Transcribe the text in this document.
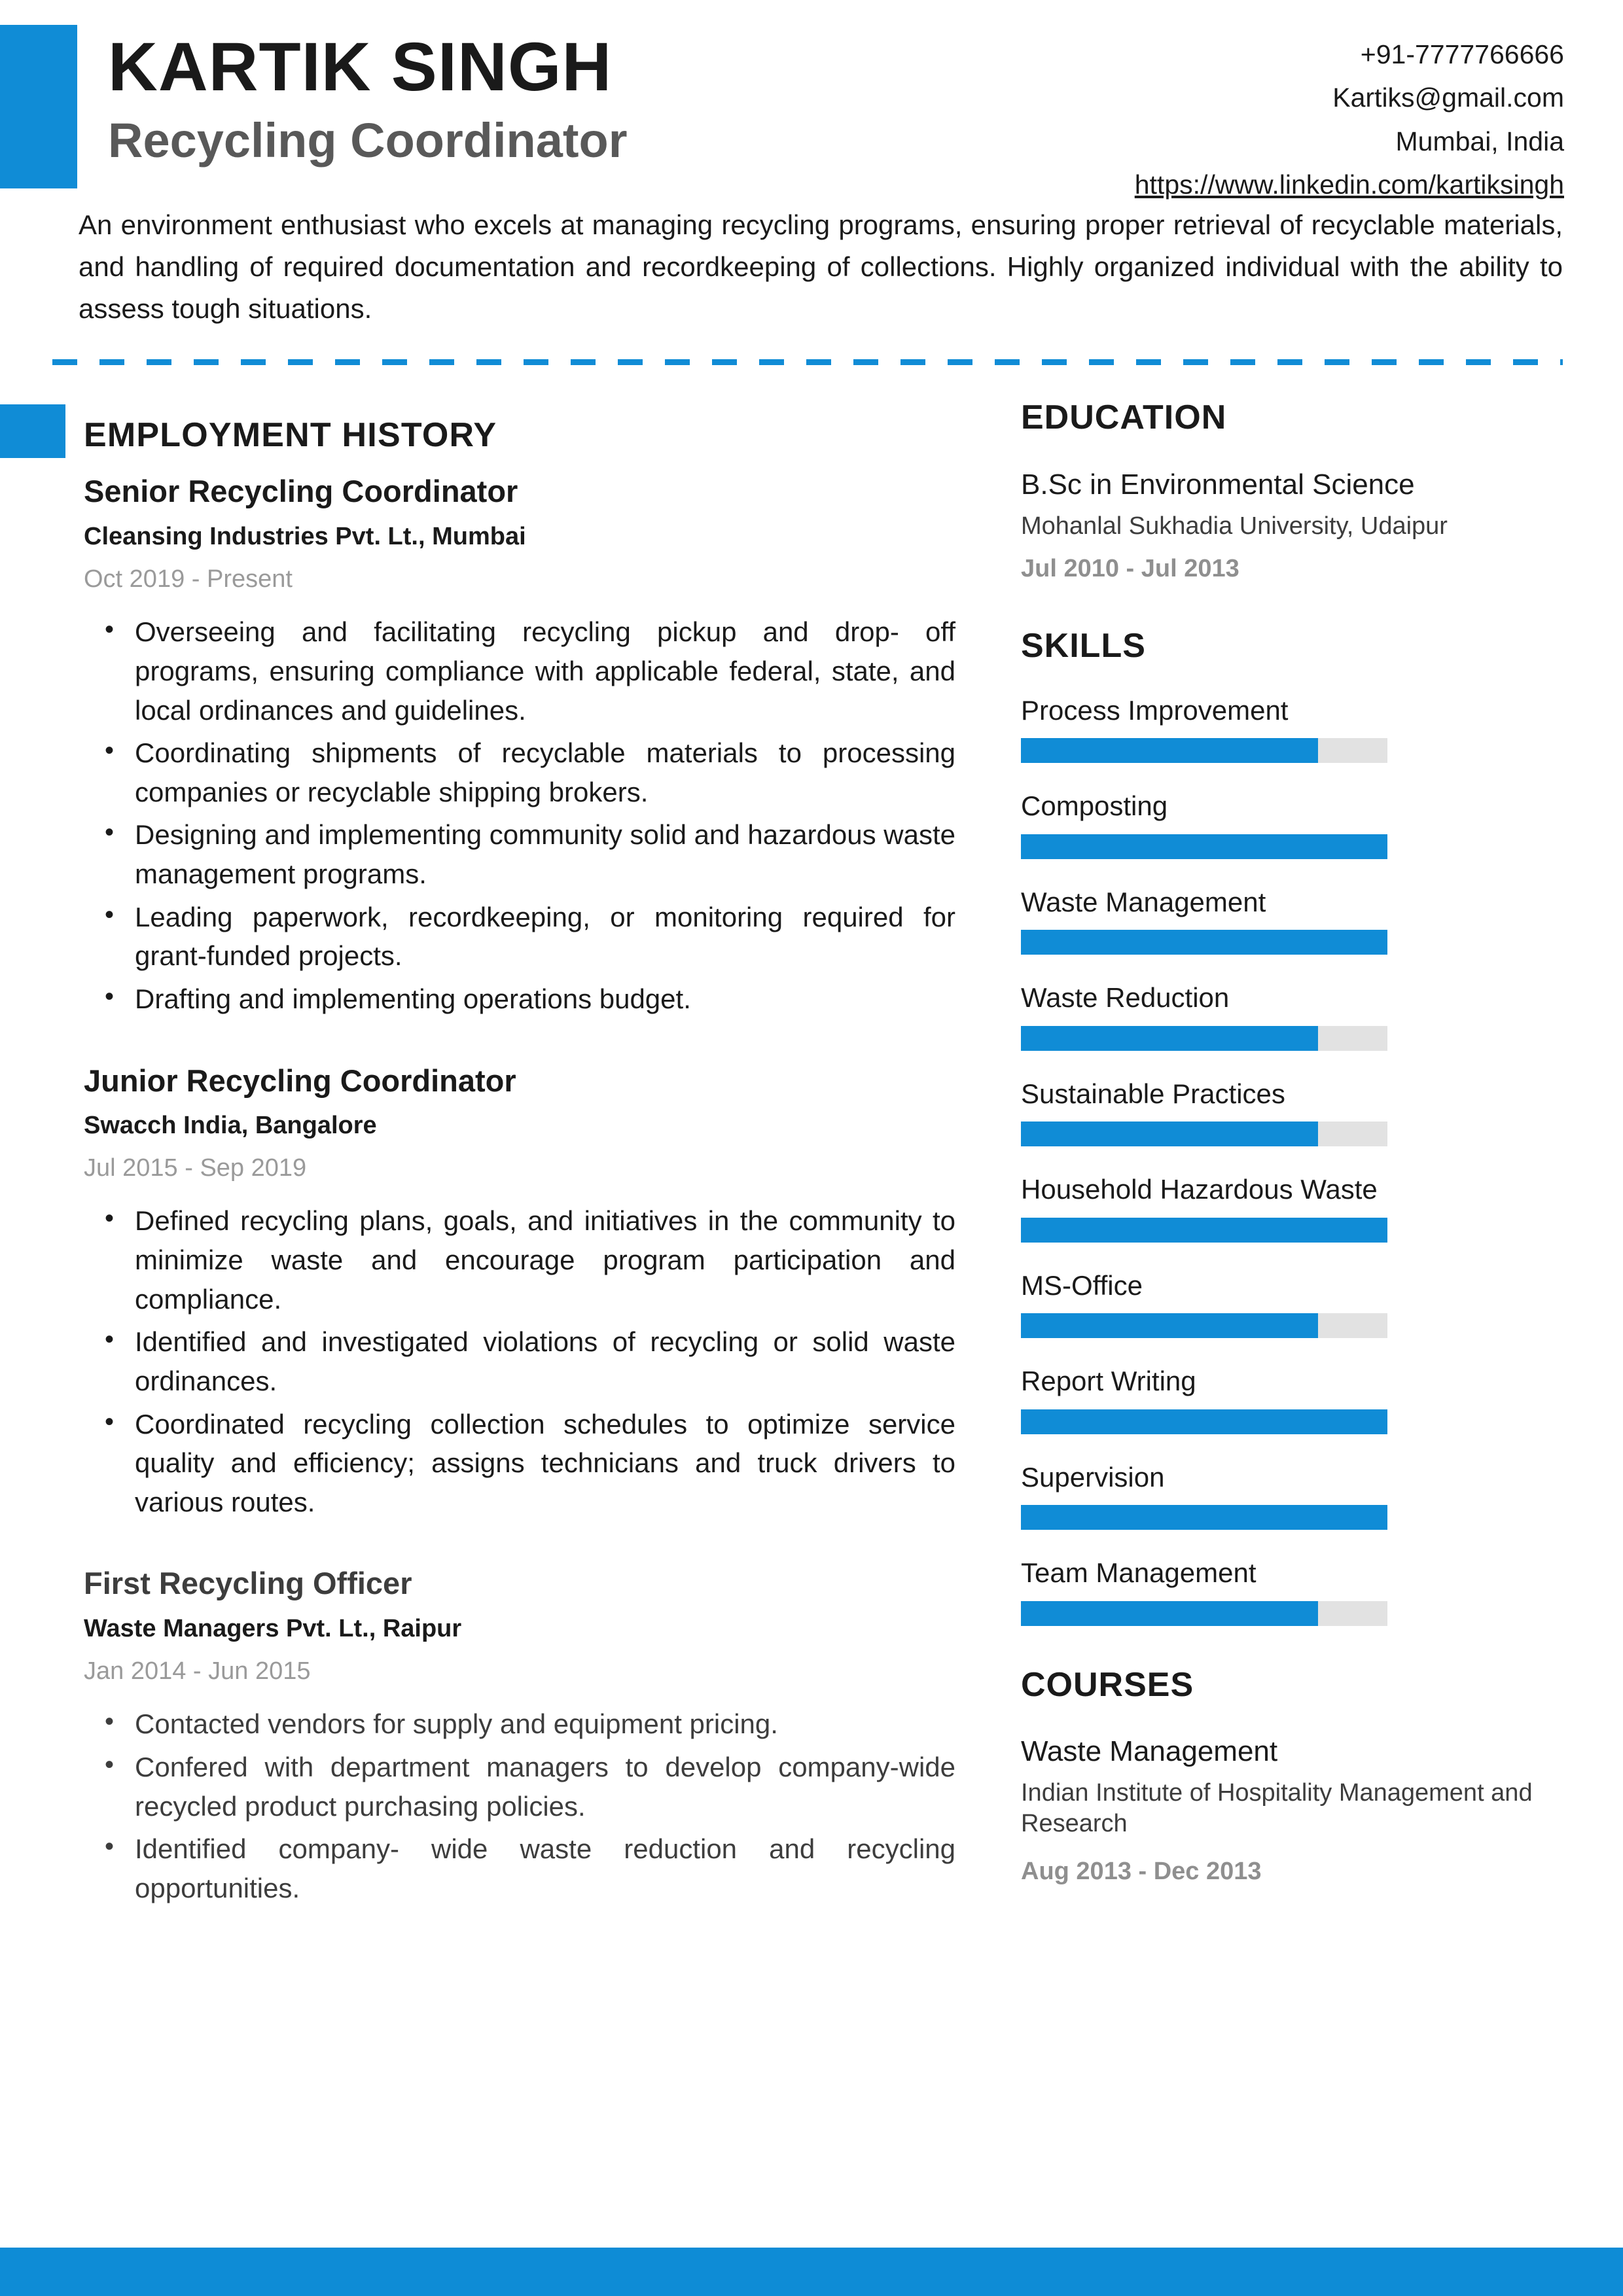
KARTIK SINGH
Recycling Coordinator
+91-7777766666
Kartiks@gmail.com
Mumbai, India
https://www.linkedin.com/kartiksingh
An environment enthusiast who excels at managing recycling programs, ensuring proper retrieval of recyclable materials, and handling of required documentation and recordkeeping of collections. Highly organized individual with the ability to assess tough situations.
EMPLOYMENT HISTORY
Senior Recycling Coordinator
Cleansing Industries Pvt. Lt., Mumbai
Oct 2019 - Present
• Overseeing and facilitating recycling pickup and drop- off programs, ensuring compliance with applicable federal, state, and local ordinances and guidelines.
• Coordinating shipments of recyclable materials to processing companies or recyclable shipping brokers.
• Designing and implementing community solid and hazardous waste management programs.
• Leading paperwork, recordkeeping, or monitoring required for grant-funded projects.
• Drafting and implementing operations budget.
Junior Recycling Coordinator
Swacch India, Bangalore
Jul 2015 - Sep 2019
• Defined recycling plans, goals, and initiatives in the community to minimize waste and encourage program participation and compliance.
• Identified and investigated violations of recycling or solid waste ordinances.
• Coordinated recycling collection schedules to optimize service quality and efficiency; assigns technicians and truck drivers to various routes.
First Recycling Officer
Waste Managers Pvt. Lt., Raipur
Jan 2014 - Jun 2015
• Contacted vendors for supply and equipment pricing.
• Confered with department managers to develop company-wide recycled product purchasing policies.
• Identified company- wide waste reduction and recycling opportunities.
EDUCATION
B.Sc in Environmental Science
Mohanlal Sukhadia University, Udaipur
Jul 2010 - Jul 2013
SKILLS
Process Improvement
Composting
Waste Management
Waste Reduction
Sustainable Practices
Household Hazardous Waste
MS-Office
Report Writing
Supervision
Team Management
COURSES
Waste Management
Indian Institute of Hospitality Management and Research
Aug 2013 - Dec 2013
